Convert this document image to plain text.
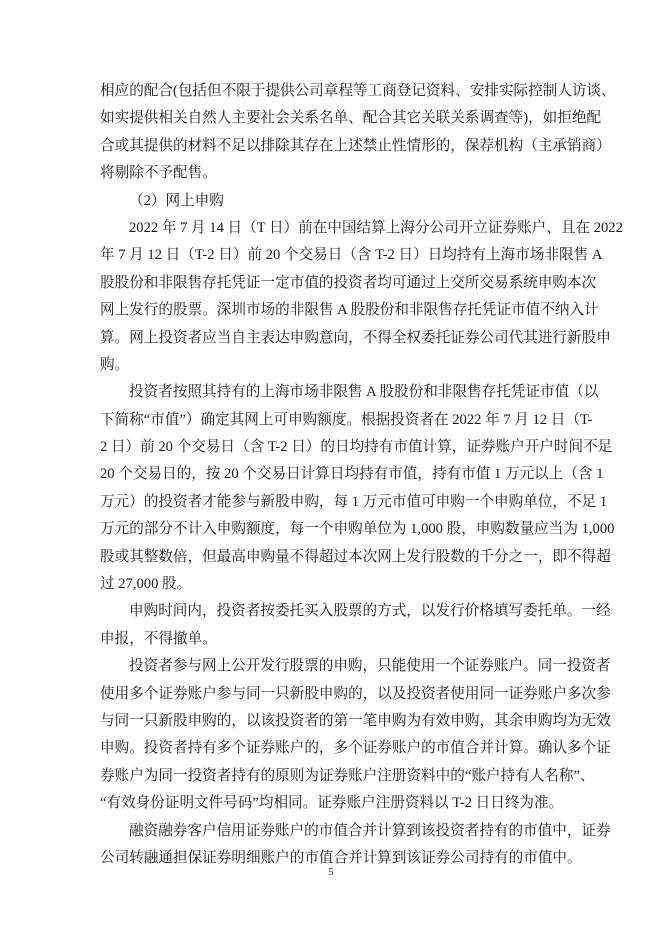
相应的配合(包括但不限于提供公司章程等工商登记资料、安排实际控制人访谈、
如实提供相关自然人主要社会关系名单、配合其它关联关系调查等)，如拒绝配
合或其提供的材料不足以排除其存在上述禁止性情形的，保荐机构（主承销商）
将剔除不予配售。
（2）网上申购
2022 年 7 月 14 日（T 日）前在中国结算上海分公司开立证券账户、且在 2022
年 7 月 12 日（T-2 日）前 20 个交易日（含 T-2 日）日均持有上海市场非限售 A
股股份和非限售存托凭证一定市值的投资者均可通过上交所交易系统申购本次
网上发行的股票。深圳市场的非限售 A 股股份和非限售存托凭证市值不纳入计
算。网上投资者应当自主表达申购意向，不得全权委托证券公司代其进行新股申
购。
投资者按照其持有的上海市场非限售 A 股股份和非限售存托凭证市值（以
下简称“市值”）确定其网上可申购额度。根据投资者在 2022 年 7 月 12 日（T-
2 日）前 20 个交易日（含 T-2 日）的日均持有市值计算，证券账户开户时间不足
20 个交易日的，按 20 个交易日计算日均持有市值，持有市值 1 万元以上（含 1
万元）的投资者才能参与新股申购，每 1 万元市值可申购一个申购单位，不足 1
万元的部分不计入申购额度，每一个申购单位为 1,000 股，申购数量应当为 1,000
股或其整数倍，但最高申购量不得超过本次网上发行股数的千分之一，即不得超
过 27,000 股。
申购时间内，投资者按委托买入股票的方式，以发行价格填写委托单。一经
申报，不得撤单。
投资者参与网上公开发行股票的申购，只能使用一个证券账户。同一投资者
使用多个证券账户参与同一只新股申购的，以及投资者使用同一证券账户多次参
与同一只新股申购的，以该投资者的第一笔申购为有效申购，其余申购均为无效
申购。投资者持有多个证券账户的，多个证券账户的市值合并计算。确认多个证
券账户为同一投资者持有的原则为证券账户注册资料中的“账户持有人名称”、
“有效身份证明文件号码”均相同。证券账户注册资料以 T-2 日日终为准。
融资融券客户信用证券账户的市值合并计算到该投资者持有的市值中，证券
公司转融通担保证券明细账户的市值合并计算到该证券公司持有的市值中。
5
